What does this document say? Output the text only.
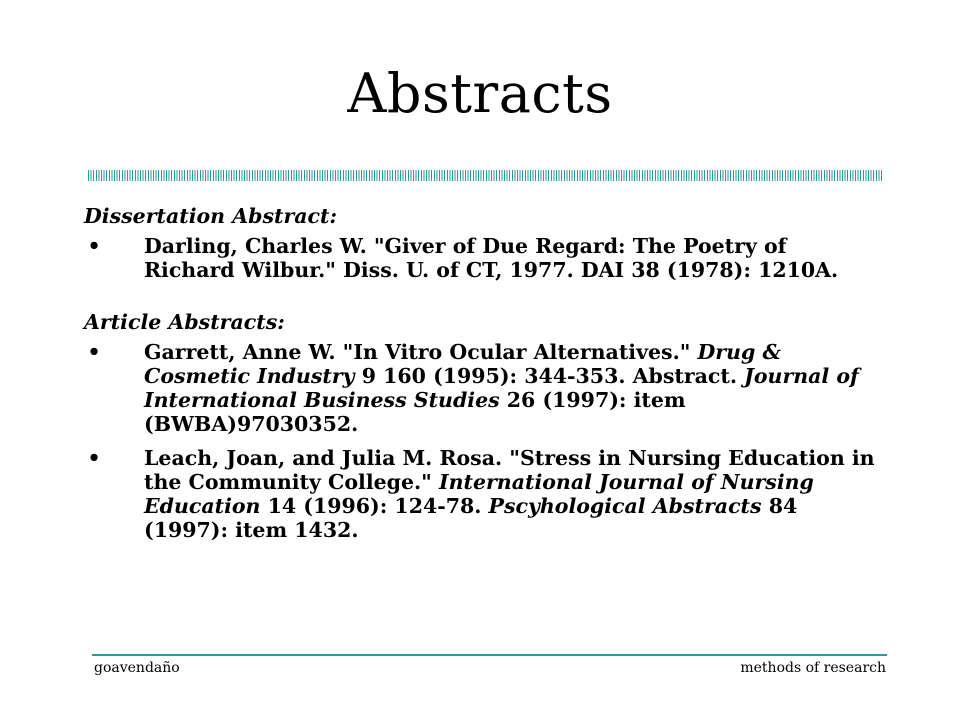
Abstracts
Dissertation Abstract:
• Darling, Charles W. "Giver of Due Regard: The Poetry of Richard Wilbur." Diss. U. of CT, 1977. DAI 38 (1978): 1210A.
Article Abstracts:
• Garrett, Anne W. "In Vitro Ocular Alternatives." Drug & Cosmetic Industry 9 160 (1995): 344-353. Abstract. Journal of International Business Studies 26 (1997): item (BWBA)97030352.
• Leach, Joan, and Julia M. Rosa. "Stress in Nursing Education in the Community College." International Journal of Nursing Education 14 (1996): 124-78. Pscyhological Abstracts 84 (1997): item 1432.
goavendaño	methods of research
